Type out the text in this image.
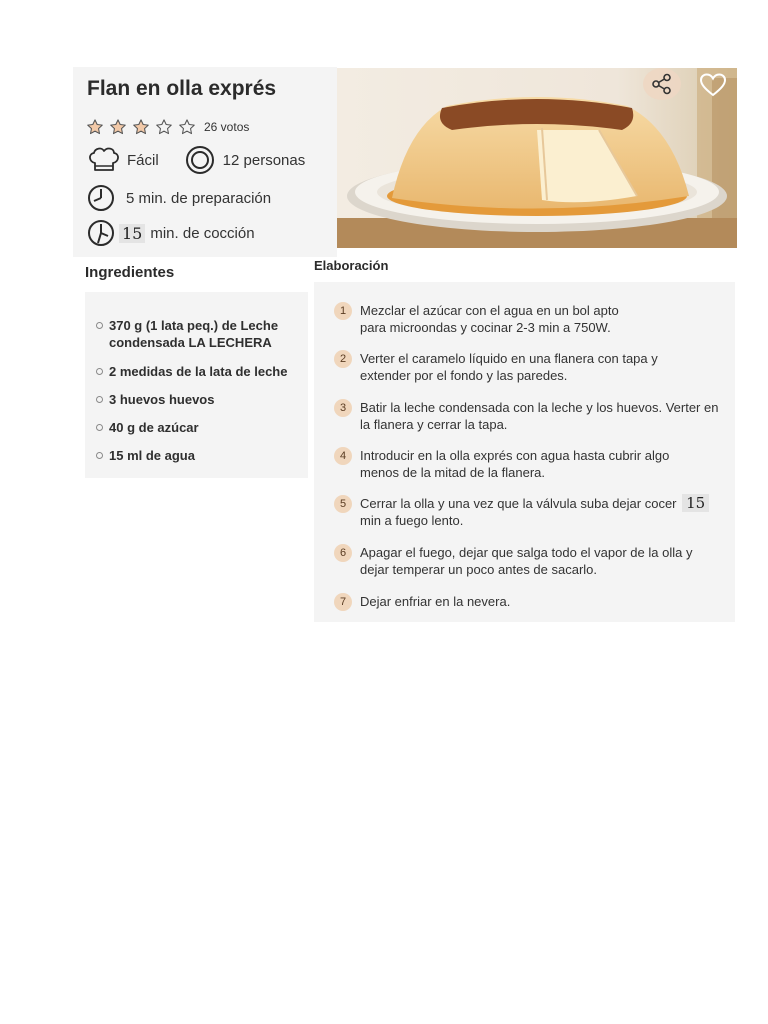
Flan en olla exprés
26 votos
Fácil	12 personas
5 min. de preparación
15 min. de cocción
Ingredientes	Elaboración
370 g (1 lata peq.) de Leche condensada LA LECHERA
2 medidas de la lata de leche
3 huevos huevos
40 g de azúcar
15 ml de agua
1	Mezclar el azúcar con el agua en un bol apto para microondas y cocinar 2-3 min a 750W.
2	Verter el caramelo líquido en una flanera con tapa y extender por el fondo y las paredes.
3	Batir la leche condensada con la leche y los huevos. Verter en la flanera y cerrar la tapa.
4	Introducir en la olla exprés con agua hasta cubrir algo menos de la mitad de la flanera.
5	Cerrar la olla y una vez que la válvula suba dejar cocer 15
min a fuego lento.
6	Apagar el fuego, dejar que salga todo el vapor de la olla y dejar temperar un poco antes de sacarlo.
7	Dejar enfriar en la nevera.
